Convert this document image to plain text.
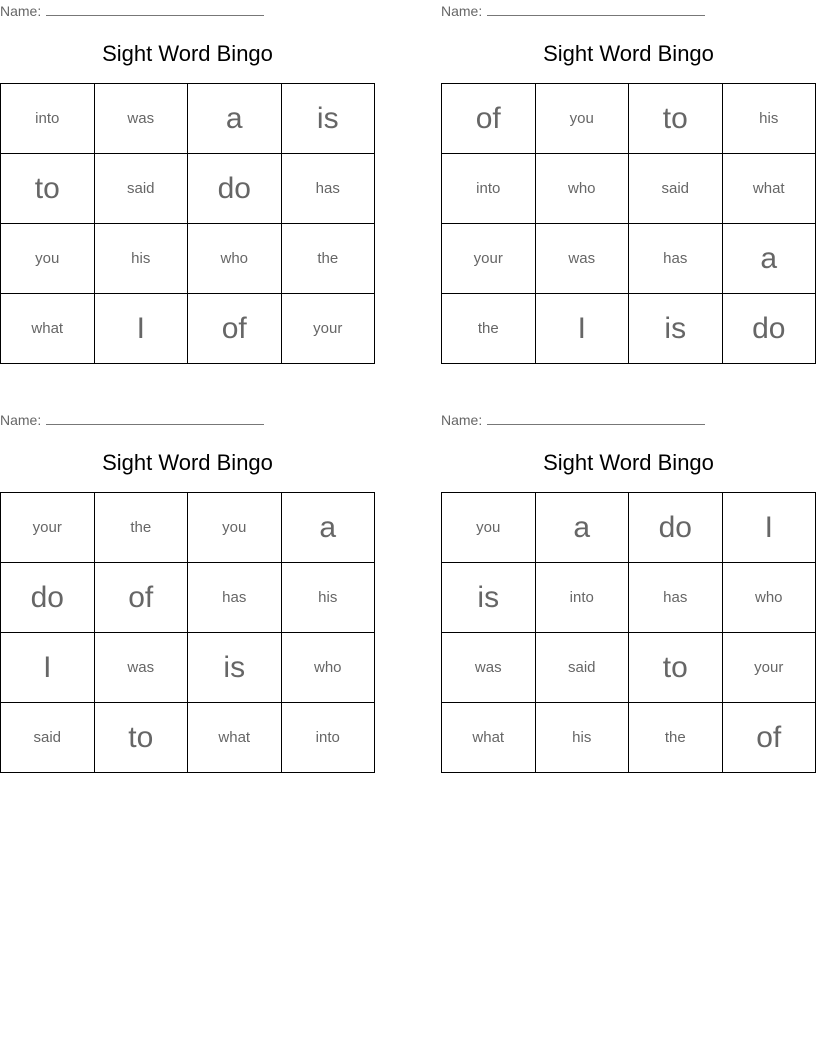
Name:
Sight Word Bingo
into	was	a	is
to	said	do	has
you	his	who	the
what	I	of	your
Name:
Sight Word Bingo
of	you	to	his
into	who	said	what
your	was	has	a
the	I	is	do
Name:
Sight Word Bingo
your	the	you	a
do	of	has	his
I	was	is	who
said	to	what	into
Name:
Sight Word Bingo
you	a	do	I
is	into	has	who
was	said	to	your
what	his	the	of
